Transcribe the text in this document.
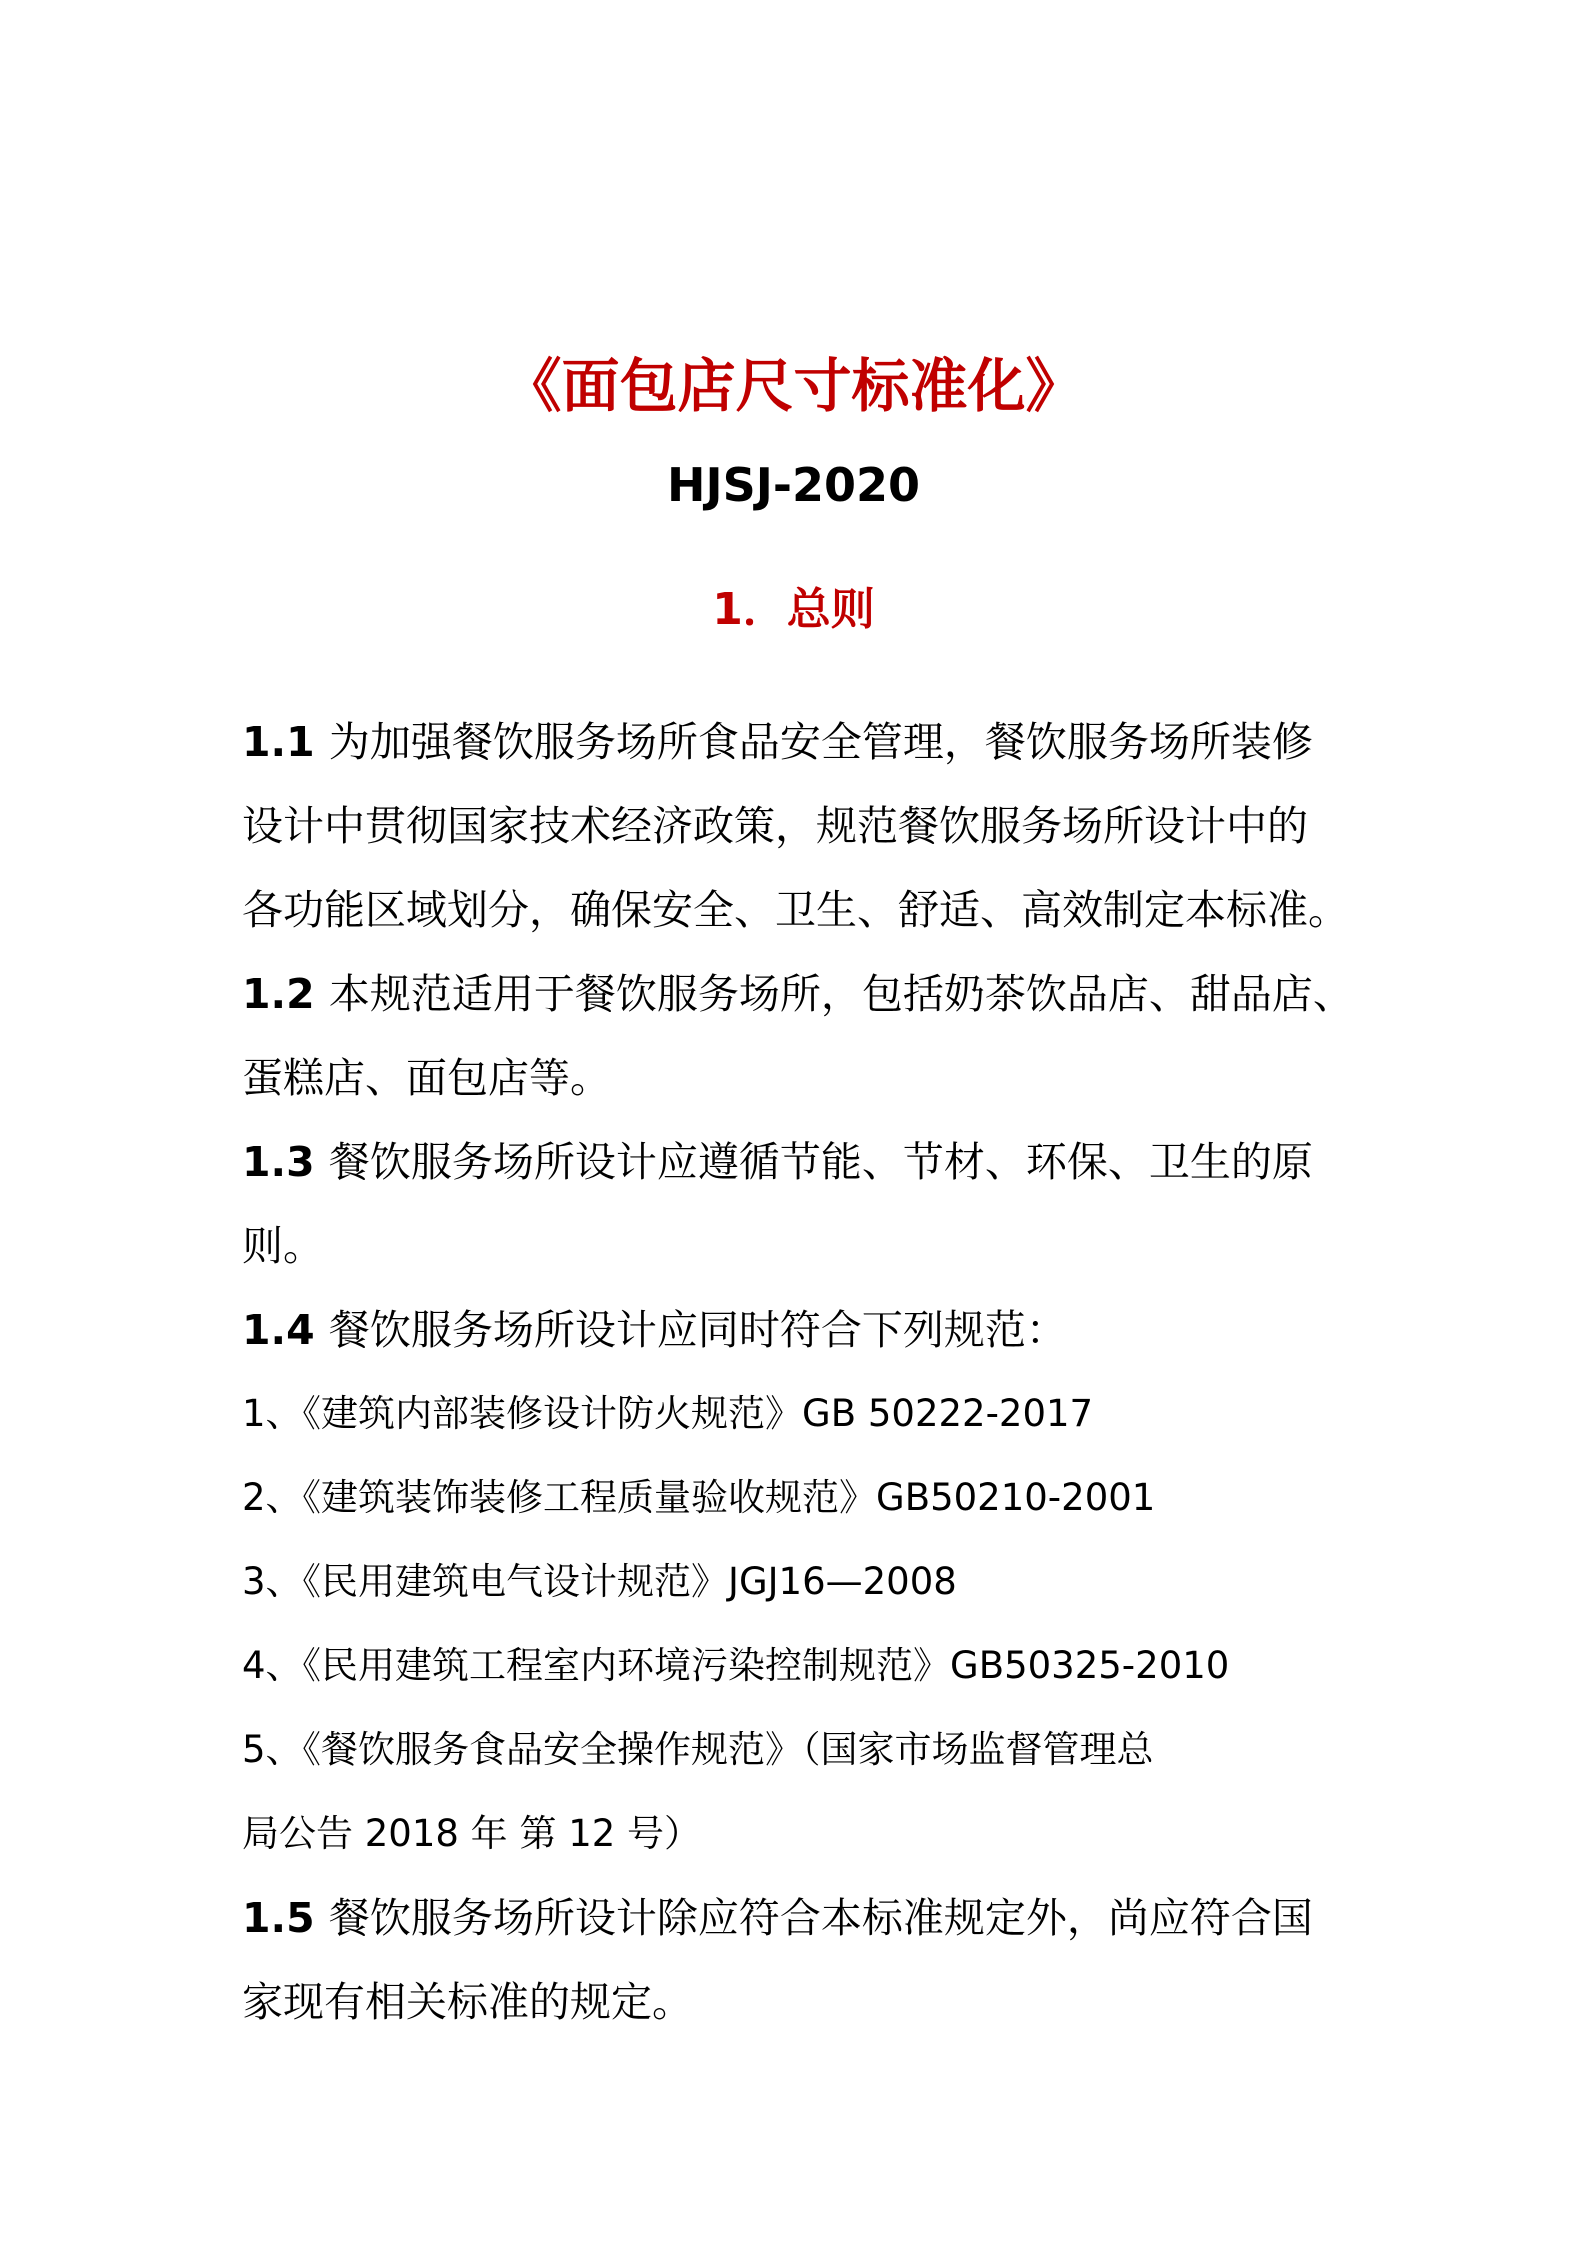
《面包店尺寸标准化》
HJSJ-2020
1．总则
1.1 为加强餐饮服务场所食品安全管理，餐饮服务场所装修
设计中贯彻国家技术经济政策，规范餐饮服务场所设计中的
各功能区域划分，确保安全、卫生、舒适、高效制定本标准。
1.2 本规范适用于餐饮服务场所，包括奶茶饮品店、甜品店、
蛋糕店、面包店等。
1.3 餐饮服务场所设计应遵循节能、节材、环保、卫生的原
则。
1.4 餐饮服务场所设计应同时符合下列规范：
1、《建筑内部装修设计防火规范》GB 50222-2017
2、《建筑装饰装修工程质量验收规范》GB50210-2001
3、《民用建筑电气设计规范》JGJ16—2008
4、《民用建筑工程室内环境污染控制规范》GB50325-2010
5、《餐饮服务食品安全操作规范》（国家市场监督管理总
局公告 2018 年 第 12 号）
1.5 餐饮服务场所设计除应符合本标准规定外，尚应符合国
家现有相关标准的规定。
